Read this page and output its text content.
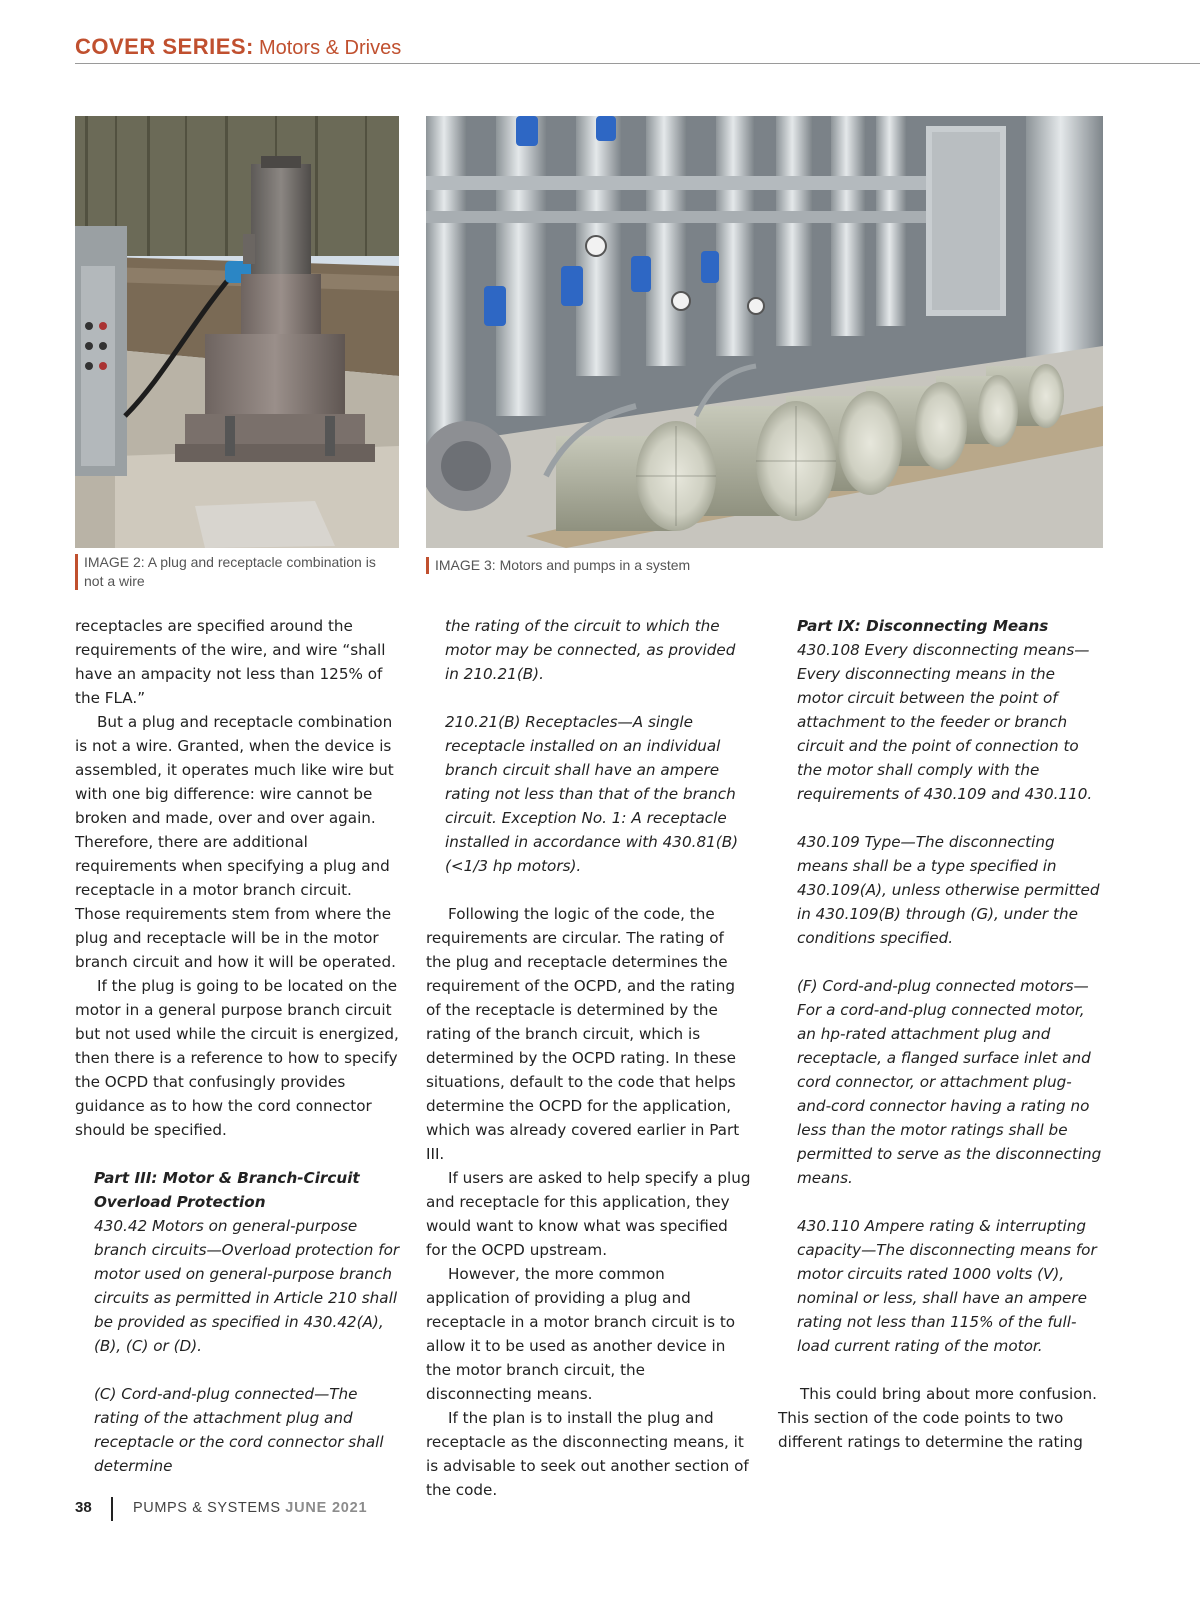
COVER SERIES: Motors & Drives
IMAGE 2: A plug and receptacle combination is
not a wire
IMAGE 3: Motors and pumps in a system

receptacles are specified around the requirements of the wire, and wire “shall have an ampacity not less than 125% of the FLA.”

But a plug and receptacle combination is not a wire. Granted, when the device is assembled, it operates much like wire but with one big difference: wire cannot be broken and made, over and over again. Therefore, there are additional requirements when specifying a plug and receptacle in a motor branch circuit. Those requirements stem from where the plug and receptacle will be in the motor branch circuit and how it will be operated.

If the plug is going to be located on the motor in a general purpose branch circuit but not used while the circuit is energized, then there is a reference to how to specify the OCPD that confusingly provides guidance as to how the cord connector should be specified.

Part III: Motor & Branch-Circuit Overload Protection

430.42 Motors on general-purpose branch circuits—Overload protection for motor used on general-purpose branch circuits as permitted in Article 210 shall be provided as specified in 430.42(A), (B), (C) or (D).

(C) Cord-and-plug connected—The rating of the attachment plug and receptacle or the cord connector shall determine

the rating of the circuit to which the motor may be connected, as provided in 210.21(B).

210.21(B) Receptacles—A single receptacle installed on an individual branch circuit shall have an ampere rating not less than that of the branch circuit. Exception No. 1: A receptacle installed in accordance with 430.81(B) (<1/3 hp motors).

Following the logic of the code, the requirements are circular. The rating of the plug and receptacle determines the requirement of the OCPD, and the rating of the receptacle is determined by the rating of the branch circuit, which is determined by the OCPD rating. In these situations, default to the code that helps determine the OCPD for the application, which was already covered earlier in Part III.

If users are asked to help specify a plug and receptacle for this application, they would want to know what was specified for the OCPD upstream.

However, the more common application of providing a plug and receptacle in a motor branch circuit is to allow it to be used as another device in the motor branch circuit, the disconnecting means.

If the plan is to install the plug and receptacle as the disconnecting means, it is advisable to seek out another section of the code.

Part IX: Disconnecting Means

430.108 Every disconnecting means—Every disconnecting means in the motor circuit between the point of attachment to the feeder or branch circuit and the point of connection to the motor shall comply with the requirements of 430.109 and 430.110.

430.109 Type—The disconnecting means shall be a type specified in 430.109(A), unless otherwise permitted in 430.109(B) through (G), under the conditions specified.

(F) Cord-and-plug connected motors—For a cord-and-plug connected motor, an hp-rated attachment plug and receptacle, a flanged surface inlet and cord connector, or attachment plug-and-cord connector having a rating no less than the motor ratings shall be permitted to serve as the disconnecting means.

430.110 Ampere rating & interrupting capacity—The disconnecting means for motor circuits rated 1000 volts (V), nominal or less, shall have an ampere rating not less than 115% of the full-load current rating of the motor.

This could bring about more confusion. This section of the code points to two different ratings to determine the rating

38	PUMPS & SYSTEMS JUNE 2021
